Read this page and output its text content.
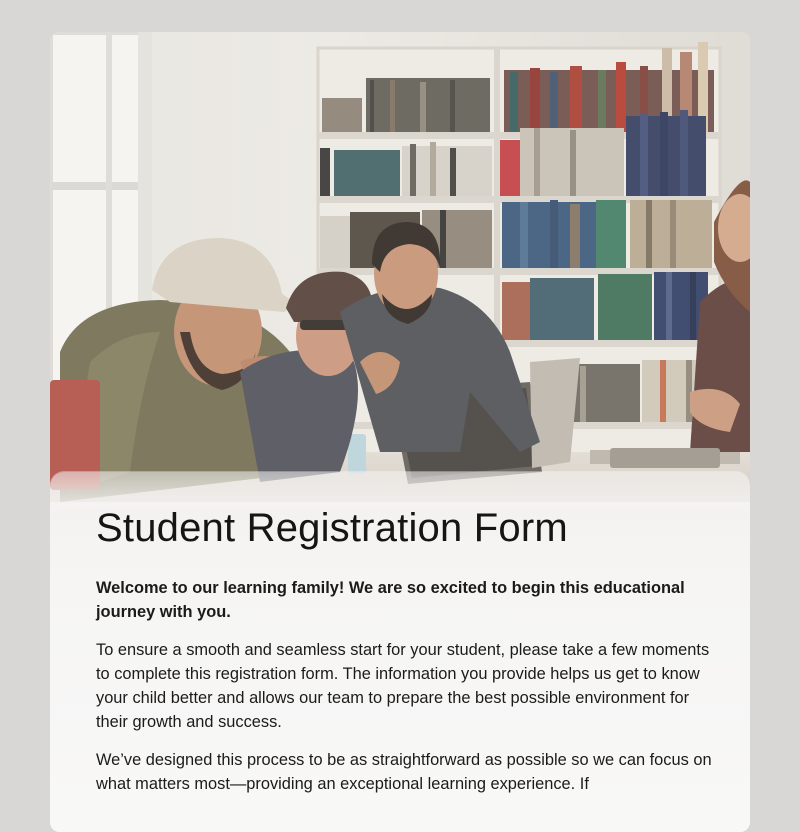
Student Registration Form

Welcome to our learning family! We are so excited to begin this educational journey with you.

To ensure a smooth and seamless start for your student, please take a few moments to complete this registration form. The information you provide helps us get to know your child better and allows our team to prepare the best possible environment for their growth and success.

We’ve designed this process to be as straightforward as possible so we can focus on what matters most—providing an exceptional learning experience. If
